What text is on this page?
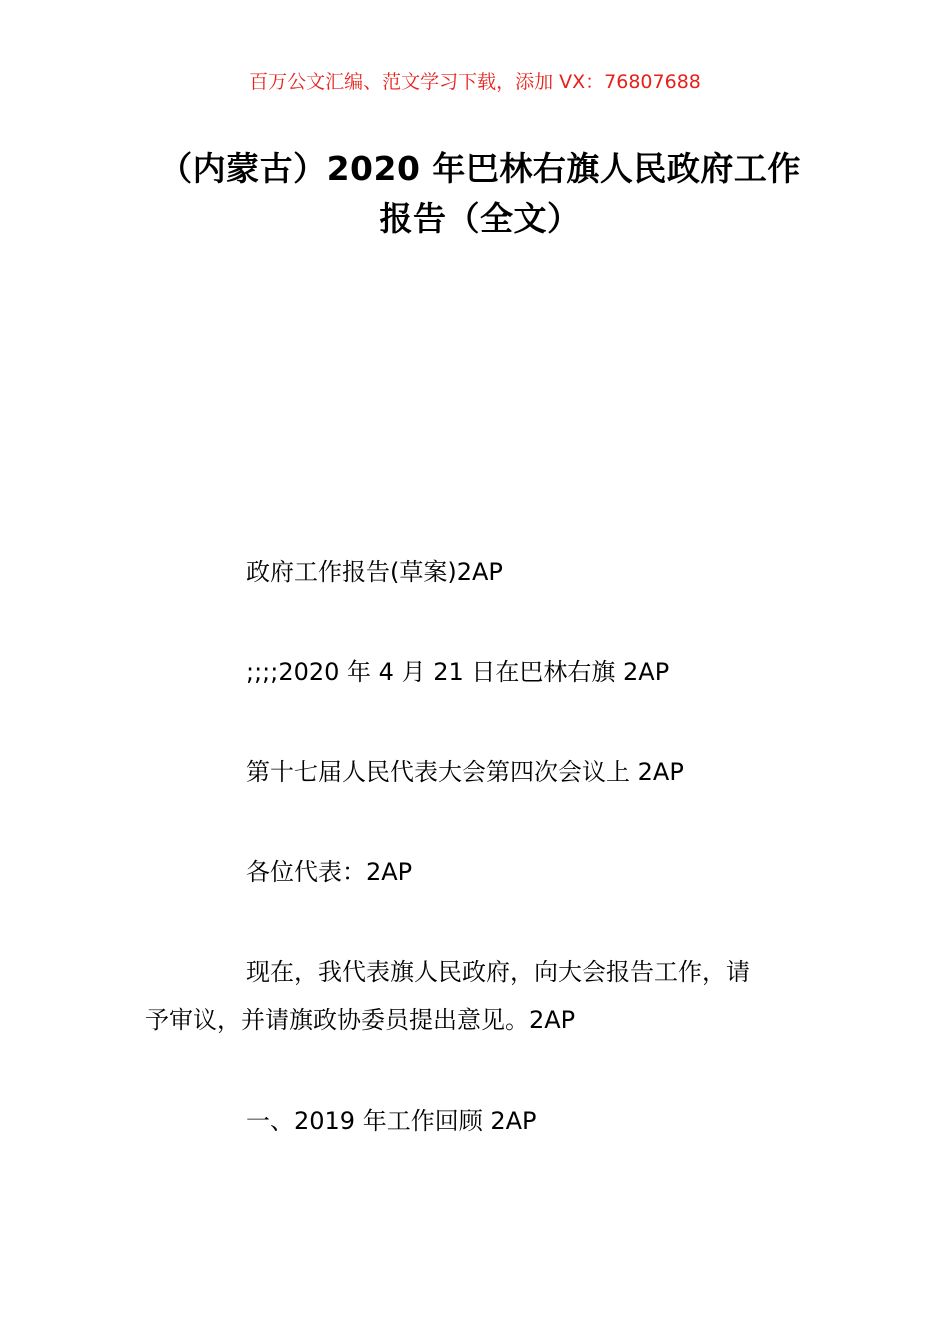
百万公文汇编、范文学习下载，添加 VX：76807688
（内蒙古）2020 年巴林右旗人民政府工作
报告（全文）
政府工作报告(草案)2AP
;;;;2020 年 4 月 21 日在巴林右旗 2AP
第十七届人民代表大会第四次会议上 2AP
各位代表：2AP
现在，我代表旗人民政府，向大会报告工作，请
予审议，并请旗政协委员提出意见。2AP
一、2019 年工作回顾 2AP
